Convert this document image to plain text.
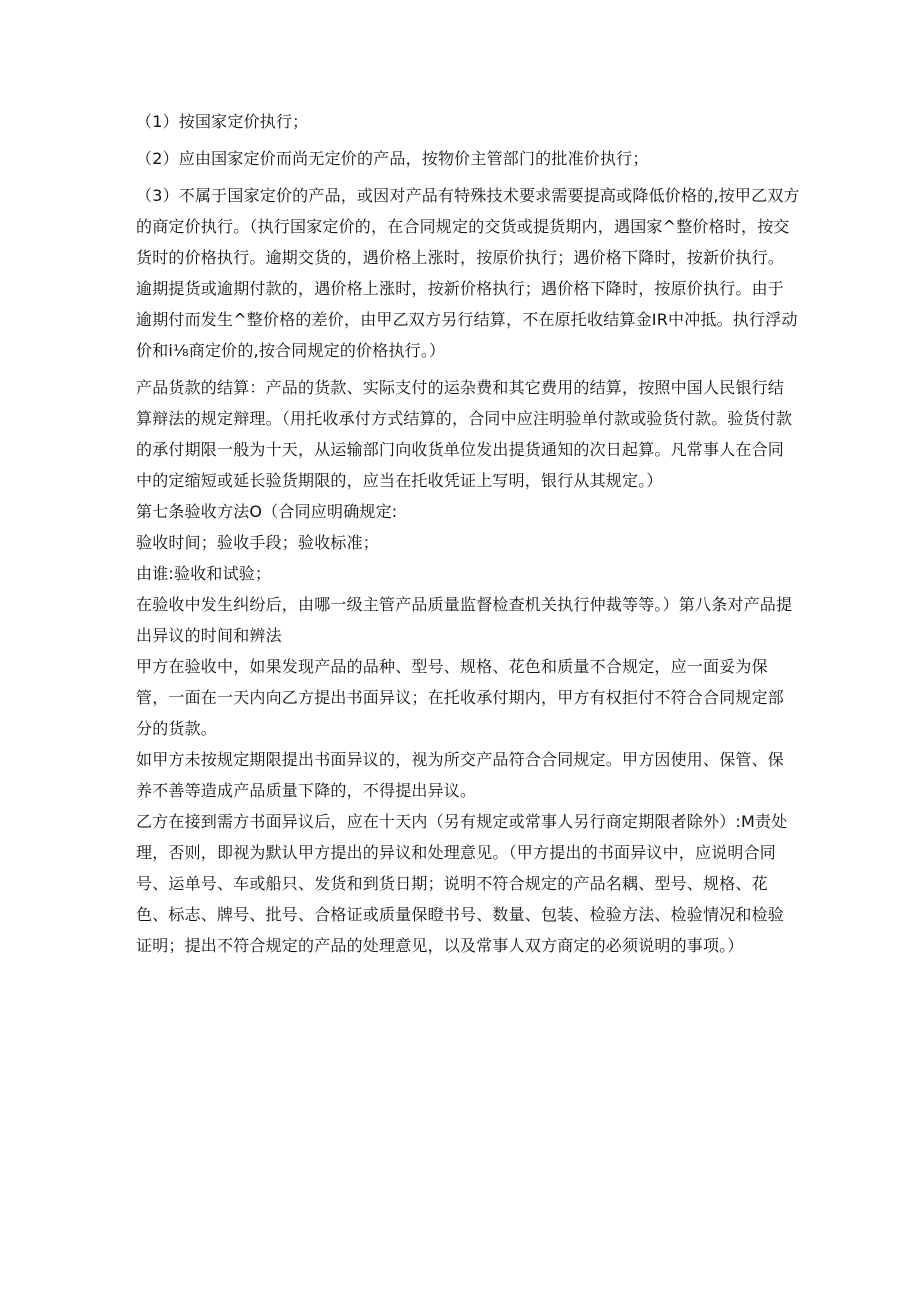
（1）按国家定价执行；

（2）应由国家定价而尚无定价的产品，按物价主管部门的批准价执行；

（3）不属于国家定价的产品，或因对产品有特殊技术要求需要提高或降低价格的,按甲乙双方的商定价执行。（执行国家定价的，在合同规定的交货或提货期内，遇国家^整价格时，按交货时的价格执行。逾期交货的，遇价格上涨时，按原价执行；遇价格下降时，按新价执行。逾期提货或逾期付款的，遇价格上涨时，按新价格执行；遇价格下降时，按原价执行。由于逾期付而发生^整价格的差价，由甲乙双方另行结算，不在原托收结算金IR中冲抵。执行浮动价和i⅛商定价的,按合同规定的价格执行。）

产品货款的结算：产品的货款、实际支付的运杂费和其它费用的结算，按照中国人民银行结算辩法的规定辩理。（用托收承付方式结算的，合同中应注明验单付款或验货付款。验货付款的承付期限一般为十天，从运输部门向收货单位发出提货通知的次日起算。凡常事人在合同中的定缩短或延长验货期限的，应当在托收凭证上写明，银行从其规定。）

第七条验收方法O（合同应明确规定:

验收时间；验收手段；验收标准；

由谁:验收和试验；

在验收中发生纠纷后，由哪一级主管产品质量监督检查机关执行仲裁等等。）第八条对产品提出异议的时间和辨法

甲方在验收中，如果发现产品的品种、型号、规格、花色和质量不合规定，应一面妥为保管，一面在一天内向乙方提出书面异议；在托收承付期内，甲方有权拒付不符合合同规定部分的货款。

如甲方未按规定期限提出书面异议的，视为所交产品符合合同规定。甲方因使用、保管、保养不善等造成产品质量下降的，不得提出异议。

乙方在接到需方书面异议后，应在十天内（另有规定或常事人另行商定期限者除外）:M责处理，否则，即视为默认甲方提出的异议和处理意见。（甲方提出的书面异议中，应说明合同号、运单号、车或船只、发货和到货日期；说明不符合规定的产品名耦、型号、规格、花色、标志、牌号、批号、合格证或质量保瞪书号、数量、包装、检验方法、检验情况和检验证明；提出不符合规定的产品的处理意见，以及常事人双方商定的必须说明的事项。）
